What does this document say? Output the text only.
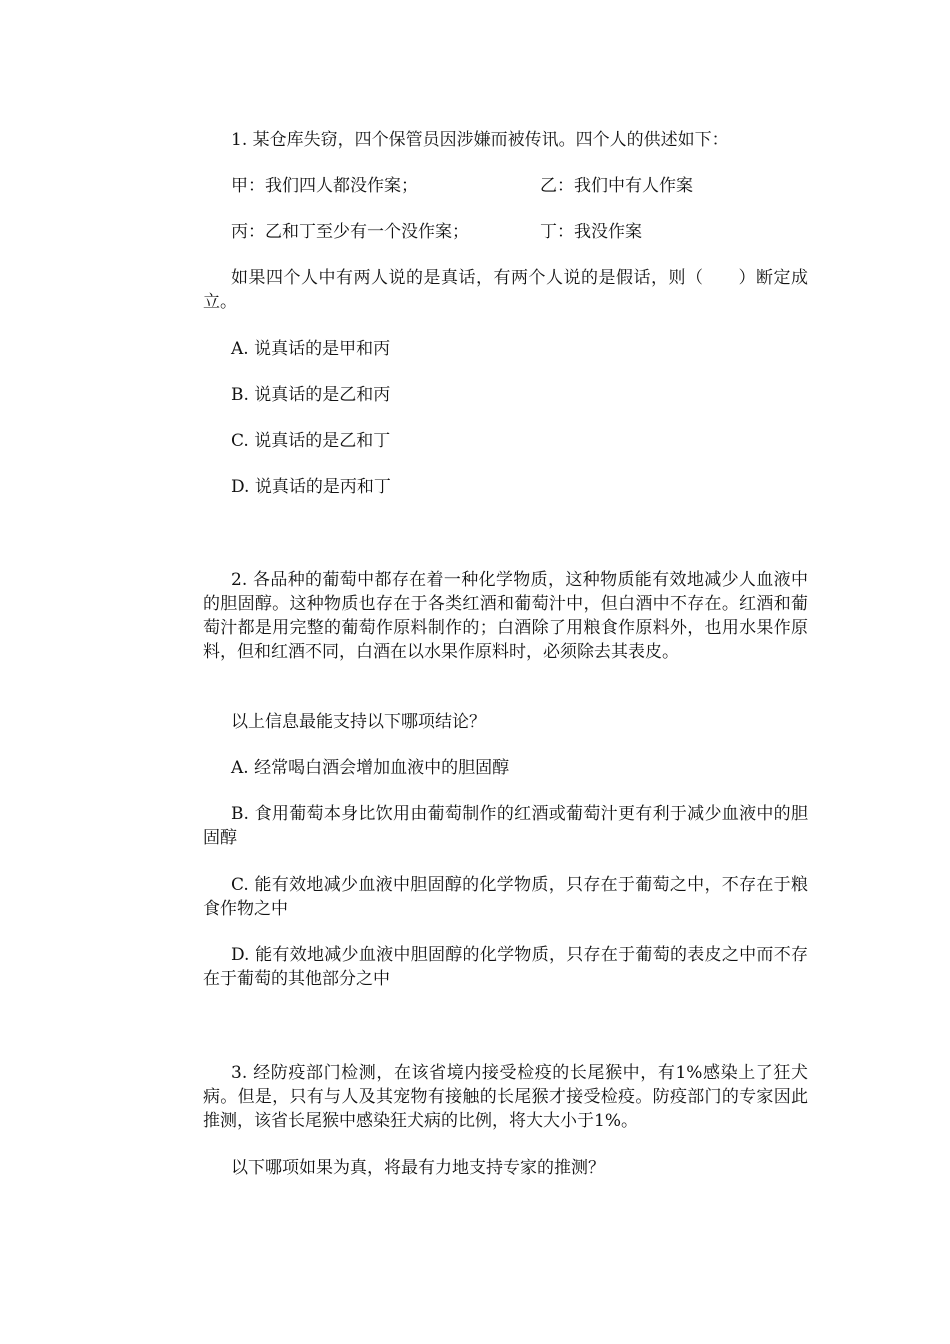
1. 某仓库失窃，四个保管员因涉嫌而被传讯。四个人的供述如下：
甲：我们四人都没作案；	乙：我们中有人作案
丙：乙和丁至少有一个没作案；	丁：我没作案
如果四个人中有两人说的是真话，有两个人说的是假话，则（　　）断定成立。
A. 说真话的是甲和丙
B. 说真话的是乙和丙
C. 说真话的是乙和丁
D. 说真话的是丙和丁
2. 各品种的葡萄中都存在着一种化学物质，这种物质能有效地减少人血液中的胆固醇。这种物质也存在于各类红酒和葡萄汁中，但白酒中不存在。红酒和葡萄汁都是用完整的葡萄作原料制作的；白酒除了用粮食作原料外，也用水果作原料，但和红酒不同，白酒在以水果作原料时，必须除去其表皮。
以上信息最能支持以下哪项结论？
A. 经常喝白酒会增加血液中的胆固醇
B. 食用葡萄本身比饮用由葡萄制作的红酒或葡萄汁更有利于减少血液中的胆固醇
C. 能有效地减少血液中胆固醇的化学物质，只存在于葡萄之中，不存在于粮食作物之中
D. 能有效地减少血液中胆固醇的化学物质，只存在于葡萄的表皮之中而不存在于葡萄的其他部分之中
3. 经防疫部门检测，在该省境内接受检疫的长尾猴中，有1%感染上了狂犬病。但是，只有与人及其宠物有接触的长尾猴才接受检疫。防疫部门的专家因此推测，该省长尾猴中感染狂犬病的比例，将大大小于1%。
以下哪项如果为真，将最有力地支持专家的推测？
